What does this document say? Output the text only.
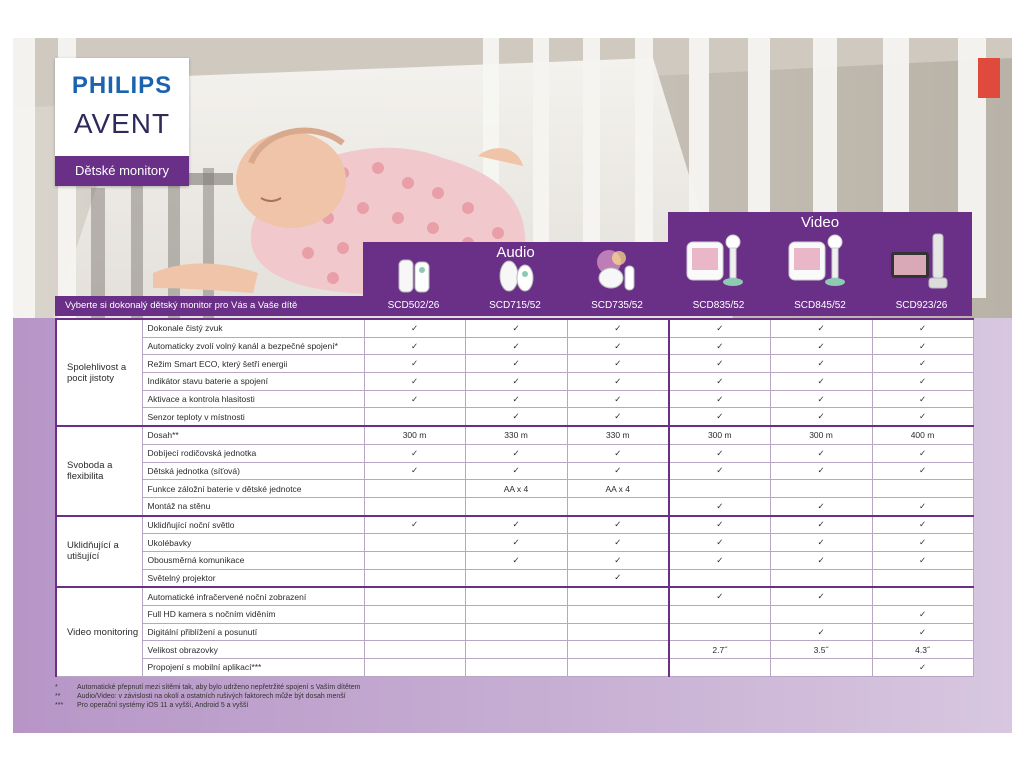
PHILIPS
AVENT
Dětské monitory
Audio
Video
Vyberte si dokonalý dětský monitor pro Vás a Vaše dítě	SCD502/26	SCD715/52	SCD735/52	SCD835/52	SCD845/52	SCD923/26
Spolehlivost a pocit jistoty	Dokonale čistý zvuk	✓	✓	✓	✓	✓	✓
	Automaticky zvolí volný kanál a bezpečné spojení*	✓	✓	✓	✓	✓	✓
	Režim Smart ECO, který šetří energii	✓	✓	✓	✓	✓	✓
	Indikátor stavu baterie a spojení	✓	✓	✓	✓	✓	✓
	Aktivace a kontrola hlasitosti	✓	✓	✓	✓	✓	✓
	Senzor teploty v místnosti		✓	✓	✓	✓	✓
Svoboda a flexibilita	Dosah**	300 m	330 m	330 m	300 m	300 m	400 m
	Dobíjecí rodičovská jednotka	✓	✓	✓	✓	✓	✓
	Dětská jednotka (síťová)	✓	✓	✓	✓	✓	✓
	Funkce záložní baterie v dětské jednotce		AA x 4	AA x 4			
	Montáž na stěnu				✓	✓	✓
Uklidňující a utišující	Uklidňující noční světlo	✓	✓	✓	✓	✓	✓
	Ukolébavky		✓	✓	✓	✓	✓
	Obousměrná komunikace		✓	✓	✓	✓	✓
	Světelný projektor			✓			
Video monitoring	Automatické infračervené noční zobrazení				✓	✓	
	Full HD kamera s nočním viděním						✓
	Digitální přiblížení a posunutí					✓	✓
	Velikost obrazovky				2.7˝	3.5˝	4.3˝
	Propojení s mobilní aplikací***						✓
*	Automatické přepnutí mezi sítěmi tak, aby bylo udrženo nepřetržité spojení s Vaším dítětem
** Audio/Video: v závislosti na okolí a ostatních rušivých faktorech může být dosah menší
*** Pro operační systémy iOS 11 a vyšší, Android 5 a vyšší
